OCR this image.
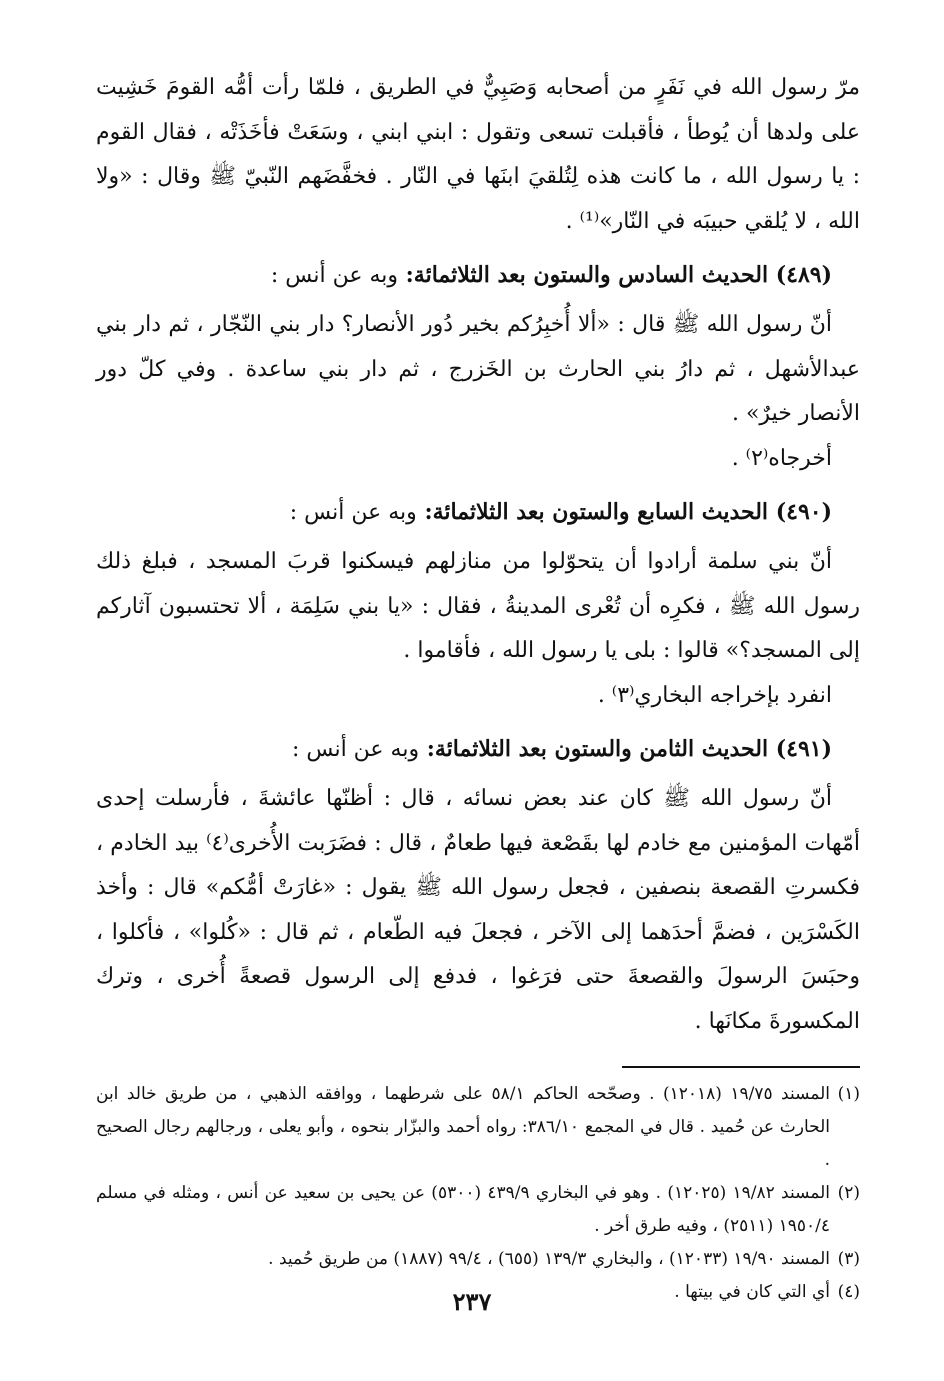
مرّ رسول الله في نَفَرٍ من أصحابه وَصَبِيٌّ في الطريق ، فلمّا رأت أمُّه القومَ خَشِيت على ولدها أن يُوطأ ، فأقبلت تسعى وتقول : ابني ابني ، وسَعَتْ فأخَذَتْه ، فقال القوم : يا رسول الله ، ما كانت هذه لِتُلقيَ ابنَها في النّار . فخفَّضَهم النّبيّ ﷺ وقال : «ولا الله ، لا يُلقي حبيبَه في النّار»⁽¹⁾ .

(٤٨٩) الحديث السادس والستون بعد الثلاثمائة: وبه عن أنس :

أنّ رسول الله ﷺ قال : «ألا أُخبِرُكم بخير دُور الأنصار؟ دار بني النّجّار ، ثم دار بني عبدالأشهل ، ثم دارُ بني الحارث بن الخَزرج ، ثم دار بني ساعدة . وفي كلّ دور الأنصار خيرٌ» .

أخرجاه⁽٢⁾ .

(٤٩٠) الحديث السابع والستون بعد الثلاثمائة: وبه عن أنس :

أنّ بني سلمة أرادوا أن يتحوّلوا من منازلهم فيسكنوا قربَ المسجد ، فبلغ ذلك رسول الله ﷺ ، فكرِه أن تُعْرى المدينةُ ، فقال : «يا بني سَلِمَة ، ألا تحتسبون آثاركم إلى المسجد؟» قالوا : بلى يا رسول الله ، فأقاموا .

انفرد بإخراجه البخاري⁽٣⁾ .

(٤٩١) الحديث الثامن والستون بعد الثلاثمائة: وبه عن أنس :

أنّ رسول الله ﷺ كان عند بعض نسائه ، قال : أظنّها عائشةَ ، فأرسلت إحدى أمّهات المؤمنين مع خادم لها بقَصْعة فيها طعامٌ ، قال : فضَرَبت الأُخرى⁽٤⁾ بيد الخادم ، فكسرتِ القصعة بنصفين ، فجعل رسول الله ﷺ يقول : «غارَتْ أمُّكم» قال : وأخذ الكَسْرَين ، فضمَّ أحدَهما إلى الآخر ، فجعلَ فيه الطّعام ، ثم قال : «كُلوا» ، فأكلوا ، وحبَسَ الرسولَ والقصعةَ حتى فرَغوا ، فدفع إلى الرسول قصعةً أُخرى ، وترك المكسورةَ مكانَها .

(١)
المسند ١٩/٧٥ (١٢٠١٨) . وصحّحه الحاكم ٥٨/١ على شرطهما ، ووافقه الذهبي ، من طريق خالد ابن الحارث عن حُميد . قال في المجمع ٣٨٦/١٠: رواه أحمد والبزّار بنحوه ، وأبو يعلى ، ورجالهم رجال الصحيح .

(٢)
المسند ١٩/٨٢ (١٢٠٢٥) . وهو في البخاري ٤٣٩/٩ (٥٣٠٠) عن يحيى بن سعيد عن أنس ، ومثله في مسلم ١٩٥٠/٤ (٢٥١١) ، وفيه طرق أخر .

(٣)
المسند ١٩/٩٠ (١٢٠٣٣) ، والبخاري ١٣٩/٣ (٦٥٥) ، ٩٩/٤ (١٨٨٧) من طريق حُميد .

(٤)
أي التي كان في بيتها .

٢٣٧
